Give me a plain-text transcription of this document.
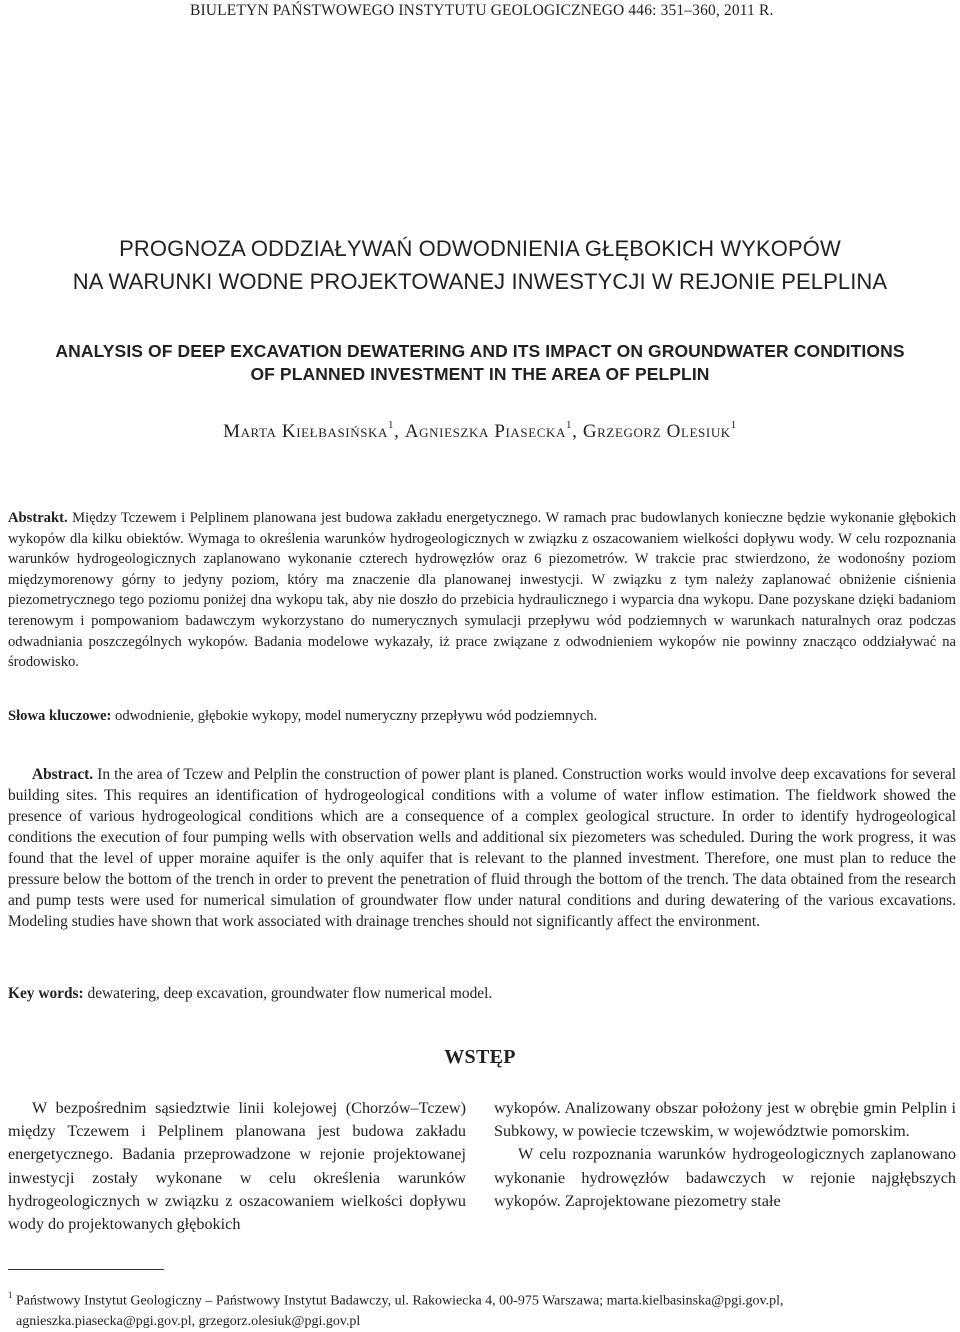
BIULETYN PAŃSTWOWEGO INSTYTUTU GEOLOGICZNEGO 446: 351–360, 2011 R.
PROGNOZA ODDZIAŁYWAŃ ODWODNIENIA GŁĘBOKICH WYKOPÓW
NA WARUNKI WODNE PROJEKTOWANEJ INWESTYCJI W REJONIE PELPLINA
ANALYSIS OF DEEP EXCAVATION DEWATERING AND ITS IMPACT ON GROUNDWATER CONDITIONS
OF PLANNED INVESTMENT IN THE AREA OF PELPLIN
Marta Kiełbasińska$^1$, Agnieszka Piasecka$^1$, Grzegorz Olesiuk$^1$
Abstrakt. Między Tczewem i Pelplinem planowana jest budowa zakładu energetycznego. W ramach prac budowlanych konieczne będzie wykonanie głębokich wykopów dla kilku obiektów. Wymaga to określenia warunków hydrogeologicznych w związku z oszacowaniem wielkości dopływu wody. W celu rozpoznania warunków hydrogeologicznych zaplanowano wykonanie czterech hydrowęzłów oraz 6 piezometrów. W trakcie prac stwierdzono, że wodonośny poziom międzymorenowy górny to jedyny poziom, który ma znaczenie dla planowanej inwestycji. W związku z tym należy zaplanować obniżenie ciśnienia piezometrycznego tego poziomu poniżej dna wykopu tak, aby nie doszło do przebicia hydraulicznego i wyparcia dna wykopu. Dane pozyskane dzięki badaniom terenowym i pompowaniom badawczym wykorzystano do numerycznych symulacji przepływu wód podziemnych w warunkach naturalnych oraz podczas odwadniania poszczególnych wykopów. Badania modelowe wykazały, iż prace związane z odwodnieniem wykopów nie powinny znacząco oddziaływać na środowisko.
Słowa kluczowe: odwodnienie, głębokie wykopy, model numeryczny przepływu wód podziemnych.
Abstract. In the area of Tczew and Pelplin the construction of power plant is planed. Construction works would involve deep excavations for several building sites. This requires an identification of hydrogeological conditions with a volume of water inflow estimation. The fieldwork showed the presence of various hydrogeological conditions which are a consequence of a complex geological structure. In order to identify hydrogeological conditions the execution of four pumping wells with observation wells and additional six piezometers was scheduled. During the work progress, it was found that the level of upper moraine aquifer is the only aquifer that is relevant to the planned investment. Therefore, one must plan to reduce the pressure below the bottom of the trench in order to prevent the penetration of fluid through the bottom of the trench. The data obtained from the research and pump tests were used for numerical simulation of groundwater flow under natural conditions and during dewatering of the various excavations. Modeling studies have shown that work associated with drainage trenches should not significantly affect the environment.
Key words: dewatering, deep excavation, groundwater flow numerical model.
WSTĘP

W bezpośrednim sąsiedztwie linii kolejowej (Chorzów–Tczew) między Tczewem i Pelplinem planowana jest budowa zakładu energetycznego. Badania przeprowadzone w rejonie projektowanej inwestycji zostały wykonane w celu określenia warunków hydrogeologicznych w związku z oszacowaniem wielkości dopływu wody do projektowanych głębokich

wykopów. Analizowany obszar położony jest w obrębie gmin Pelplin i Subkowy, w powiecie tczewskim, w województwie pomorskim.

W celu rozpoznania warunków hydrogeologicznych zaplanowano wykonanie hydrowęzłów badawczych w rejonie najgłębszych wykopów. Zaprojektowane piezometry stałe

$^1$ Państwowy Instytut Geologiczny – Państwowy Instytut Badawczy, ul. Rakowiecka 4, 00-975 Warszawa; marta.kielbasinska@pgi.gov.pl,
agnieszka.piasecka@pgi.gov.pl, grzegorz.olesiuk@pgi.gov.pl
